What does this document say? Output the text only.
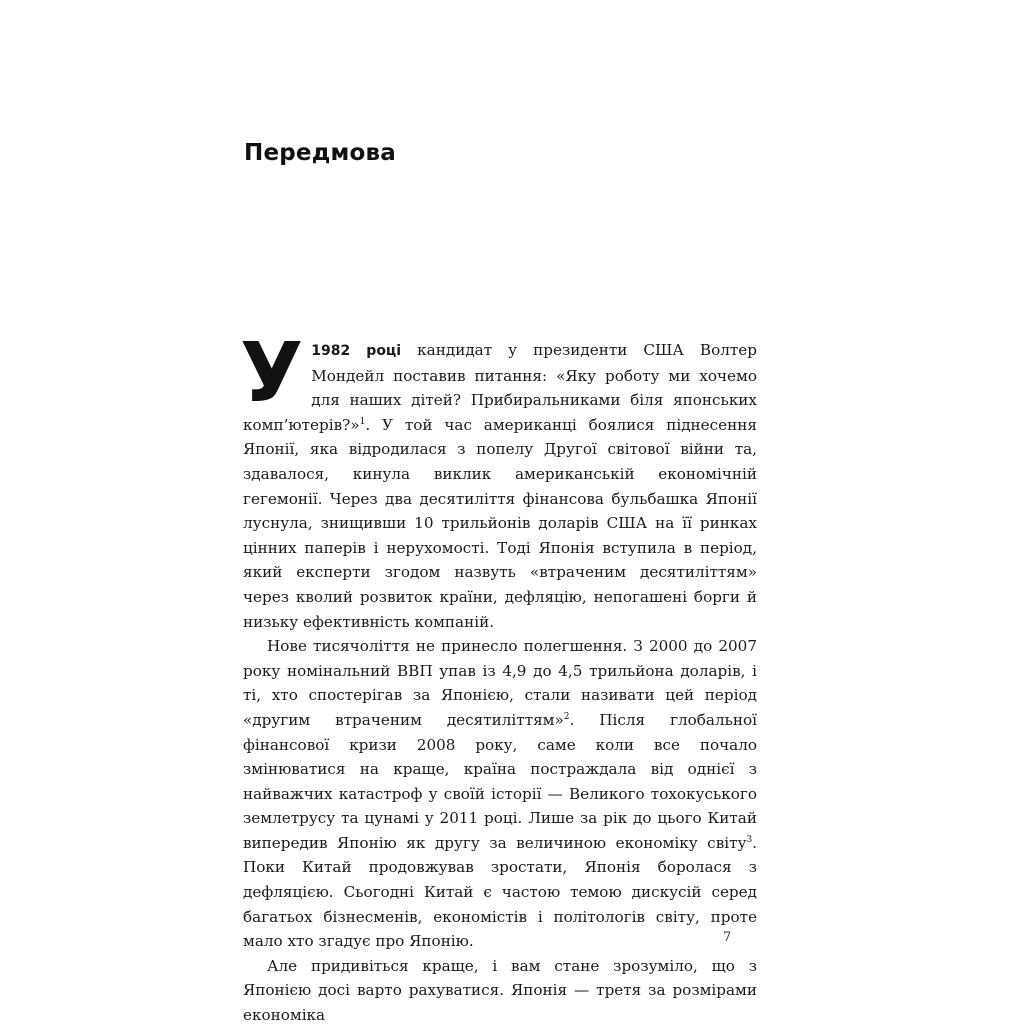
Передмова

У 1982 році кандидат у президенти США Волтер Мондейл поставив питання: «Яку роботу ми хочемо для наших дітей? Прибиральниками біля японських комп’ютерів?»$^1$. У той час американці боялися піднесення Японії, яка відродилася з попелу Другої світової війни та, здавалося, кинула виклик американській економічній гегемонії. Через два десятиліття фінансова бульбашка Японії луснула, знищивши 10 трильйонів доларів США на її ринках цінних паперів і нерухомості. Тоді Японія вступила в період, який експерти згодом назвуть «втраченим десятиліттям» через кволий розвиток країни, дефляцію, непогашені борги й низьку ефективність компаній.

Нове тисячоліття не принесло полегшення. З 2000 до 2007 року номінальний ВВП упав із 4,9 до 4,5 трильйона доларів, і ті, хто спостерігав за Японією, стали називати цей період «другим втраченим десятиліттям»$^2$. Після глобальної фінансової кризи 2008 року, саме коли все почало змінюватися на краще, країна постраждала від однієї з найважчих катастроф у своїй історії — Великого тохокуського землетрусу та цунамі у 2011 році. Лише за рік до цього Китай випередив Японію як другу за величиною економіку світу$^3$. Поки Китай продовжував зростати, Японія боролася з дефляцією. Сьогодні Китай є частою темою дискусій серед багатьох бізнесменів, економістів і політологів світу, проте мало хто згадує про Японію.

Але придивіться краще, і вам стане зрозуміло, що з Японією досі варто рахуватися. Японія — третя за розмірами економіка

7
